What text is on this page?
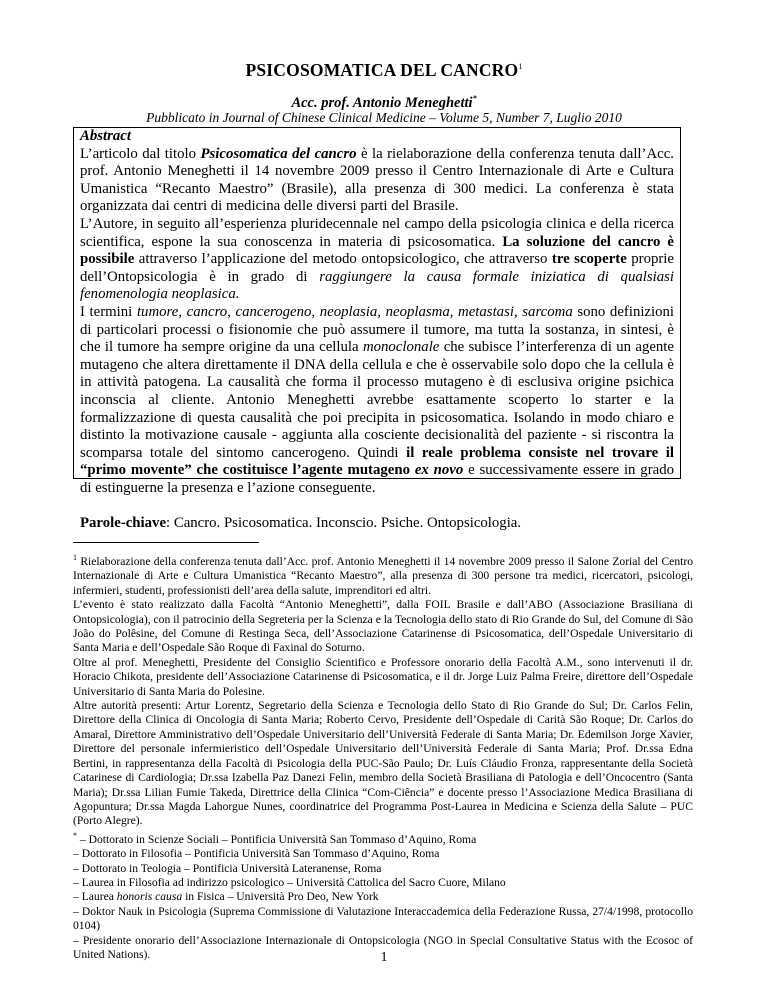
PSICOSOMATICA DEL CANCRO$^1$
Acc. prof. Antonio Meneghetti*
Pubblicato in Journal of Chinese Clinical Medicine – Volume 5, Number 7, Luglio 2010

Abstract

L’articolo dal titolo Psicosomatica del cancro è la rielaborazione della conferenza tenuta dall’Acc. prof. Antonio Meneghetti il 14 novembre 2009 presso il Centro Internazionale di Arte e Cultura Umanistica “Recanto Maestro” (Brasile), alla presenza di 300 medici. La conferenza è stata organizzata dai centri di medicina delle diversi parti del Brasile.

L’Autore, in seguito all’esperienza pluridecennale nel campo della psicologia clinica e della ricerca scientifica, espone la sua conoscenza in materia di psicosomatica. La soluzione del cancro è possibile attraverso l’applicazione del metodo ontopsicologico, che attraverso tre scoperte proprie dell’Ontopsicologia è in grado di raggiungere la causa formale iniziatica di qualsiasi fenomenologia neoplasica.

I termini tumore, cancro, cancerogeno, neoplasia, neoplasma, metastasi, sarcoma sono definizioni di particolari processi o fisionomie che può assumere il tumore, ma tutta la sostanza, in sintesi, è che il tumore ha sempre origine da una cellula monoclonale che subisce l’interferenza di un agente mutageno che altera direttamente il DNA della cellula e che è osservabile solo dopo che la cellula è in attività patogena. La causalità che forma il processo mutageno è di esclusiva origine psichica inconscia al cliente. Antonio Meneghetti avrebbe esattamente scoperto lo starter e la formalizzazione di questa causalità che poi precipita in psicosomatica. Isolando in modo chiaro e distinto la motivazione causale - aggiunta alla cosciente decisionalità del paziente - si riscontra la scomparsa totale del sintomo cancerogeno. Quindi il reale problema consiste nel trovare il “primo movente” che costituisce l’agente mutageno ex novo e successivamente essere in grado di estinguerne la presenza e l’azione conseguente.

Parole-chiave: Cancro. Psicosomatica. Inconscio. Psiche. Ontopsicologia.

$^1$ Rielaborazione della conferenza tenuta dall’Acc. prof. Antonio Meneghetti il 14 novembre 2009 presso il Salone Zorial del Centro Internazionale di Arte e Cultura Umanistica “Recanto Maestro”, alla presenza di 300 persone tra medici, ricercatori, psicologi, infermieri, studenti, professionisti dell’area della salute, imprenditori ed altri.

L’evento è stato realizzato dalla Facoltà “Antonio Meneghetti”, dalla FOIL Brasile e dall’ABO (Associazione Brasiliana di Ontopsicologia), con il patrocinio della Segreteria per la Scienza e la Tecnologia dello stato di Rio Grande do Sul, del Comune di São João do Polêsine, del Comune di Restinga Seca, dell’Associazione Catarinense di Psicosomatica, dell’Ospedale Universitario di Santa Maria e dell’Ospedale São Roque di Faxinal do Soturno.

Oltre al prof. Meneghetti, Presidente del Consiglio Scientifico e Professore onorario della Facoltà A.M., sono intervenuti il dr. Horacio Chikota, presidente dell’Associazione Catarinense di Psicosomatica, e il dr. Jorge Luiz Palma Freire, direttore dell’Ospedale Universitario di Santa Maria do Polesine.

Altre autorità presenti: Artur Lorentz, Segretario della Scienza e Tecnologia dello Stato di Rio Grande do Sul; Dr. Carlos Felin, Direttore della Clinica di Oncologia di Santa Maria; Roberto Cervo, Presidente dell’Ospedale di Carità São Roque; Dr. Carlos do Amaral, Direttore Amministrativo dell’Ospedale Universitario dell’Università Federale di Santa Maria; Dr. Edemilson Jorge Xavier, Direttore del personale infermieristico dell’Ospedale Universitario dell’Università Federale di Santa Maria; Prof. Dr.ssa Edna Bertini, in rappresentanza della Facoltà di Psicologia della PUC-São Paulo; Dr. Luís Cláudio Fronza, rappresentante della Società Catarinese di Cardiologia; Dr.ssa Izabella Paz Danezi Felin, membro della Società Brasiliana di Patologia e dell’Oncocentro (Santa Maria); Dr.ssa Lilian Fumie Takeda, Direttrice della Clinica “Com-Ciência” e docente presso l’Associazione Medica Brasiliana di Agopuntura; Dr.ssa Magda Lahorgue Nunes, coordinatrice del Programma Post-Laurea in Medicina e Scienza della Salute – PUC (Porto Alegre).

* – Dottorato in Scienze Sociali – Pontificia Università San Tommaso d’Aquino, Roma

– Dottorato in Filosofia – Pontificia Università San Tommaso d’Aquino, Roma

– Dottorato in Teologia – Pontificia Università Lateranense, Roma

– Laurea in Filosofia ad indirizzo psicologico – Università Cattolica del Sacro Cuore, Milano

– Laurea honoris causa in Fisica – Università Pro Deo, New York

– Doktor Nauk in Psicologia (Suprema Commissione di Valutazione Interaccademica della Federazione Russa, 27/4/1998, protocollo 0104)

– Presidente onorario dell’Associazione Internazionale di Ontopsicologia (NGO in Special Consultative Status with the Ecosoc of United Nations).	1
